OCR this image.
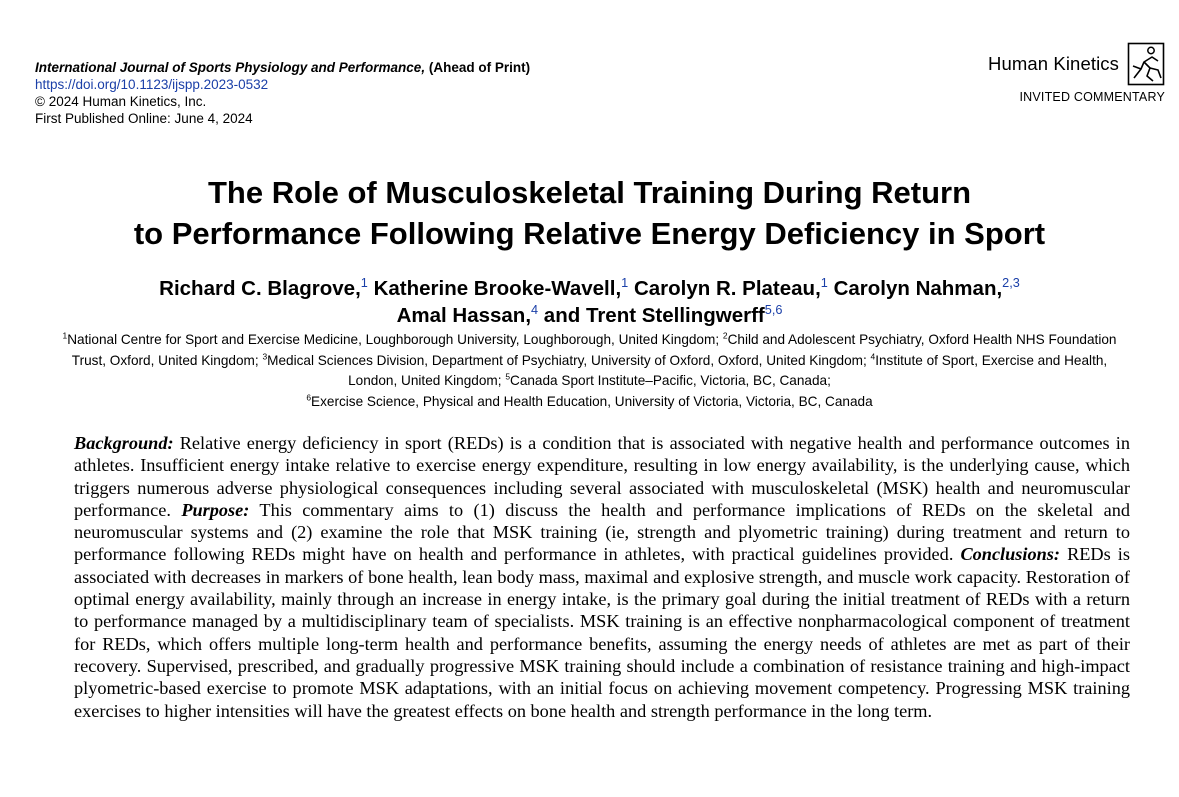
International Journal of Sports Physiology and Performance, (Ahead of Print)
https://doi.org/10.1123/ijspp.2023-0532
© 2024 Human Kinetics, Inc.
First Published Online: June 4, 2024
Human Kinetics
INVITED COMMENTARY
The Role of Musculoskeletal Training During Return
to Performance Following Relative Energy Deficiency in Sport
Richard C. Blagrove,$^1$ Katherine Brooke-Wavell,$^1$ Carolyn R. Plateau,$^1$ Carolyn Nahman,$^{2,3}$
Amal Hassan,$^4$ and Trent Stellingwerff$^{5,6}$
$^1$National Centre for Sport and Exercise Medicine, Loughborough University, Loughborough, United Kingdom; $^2$Child and Adolescent Psychiatry, Oxford Health NHS Foundation Trust, Oxford, United Kingdom; $^3$Medical Sciences Division, Department of Psychiatry, University of Oxford, Oxford, United Kingdom; $^4$Institute of Sport, Exercise and Health, London, United Kingdom; $^5$Canada Sport Institute–Pacific, Victoria, BC, Canada;
$^6$Exercise Science, Physical and Health Education, University of Victoria, Victoria, BC, Canada
Background: Relative energy deficiency in sport (REDs) is a condition that is associated with negative health and performance outcomes in athletes. Insufficient energy intake relative to exercise energy expenditure, resulting in low energy availability, is the underlying cause, which triggers numerous adverse physiological consequences including several associated with musculoskeletal (MSK) health and neuromuscular performance. Purpose: This commentary aims to (1) discuss the health and performance implications of REDs on the skeletal and neuromuscular systems and (2) examine the role that MSK training (ie, strength and plyometric training) during treatment and return to performance following REDs might have on health and performance in athletes, with practical guidelines provided. Conclusions: REDs is associated with decreases in markers of bone health, lean body mass, maximal and explosive strength, and muscle work capacity. Restoration of optimal energy availability, mainly through an increase in energy intake, is the primary goal during the initial treatment of REDs with a return to performance managed by a multidisciplinary team of specialists. MSK training is an effective nonpharmacological component of treatment for REDs, which offers multiple long-term health and performance benefits, assuming the energy needs of athletes are met as part of their recovery. Supervised, prescribed, and gradually progressive MSK training should include a combination of resistance training and high-impact plyometric-based exercise to promote MSK adaptations, with an initial focus on achieving movement competency. Progressing MSK training exercises to higher intensities will have the greatest effects on bone health and strength performance in the long term.
